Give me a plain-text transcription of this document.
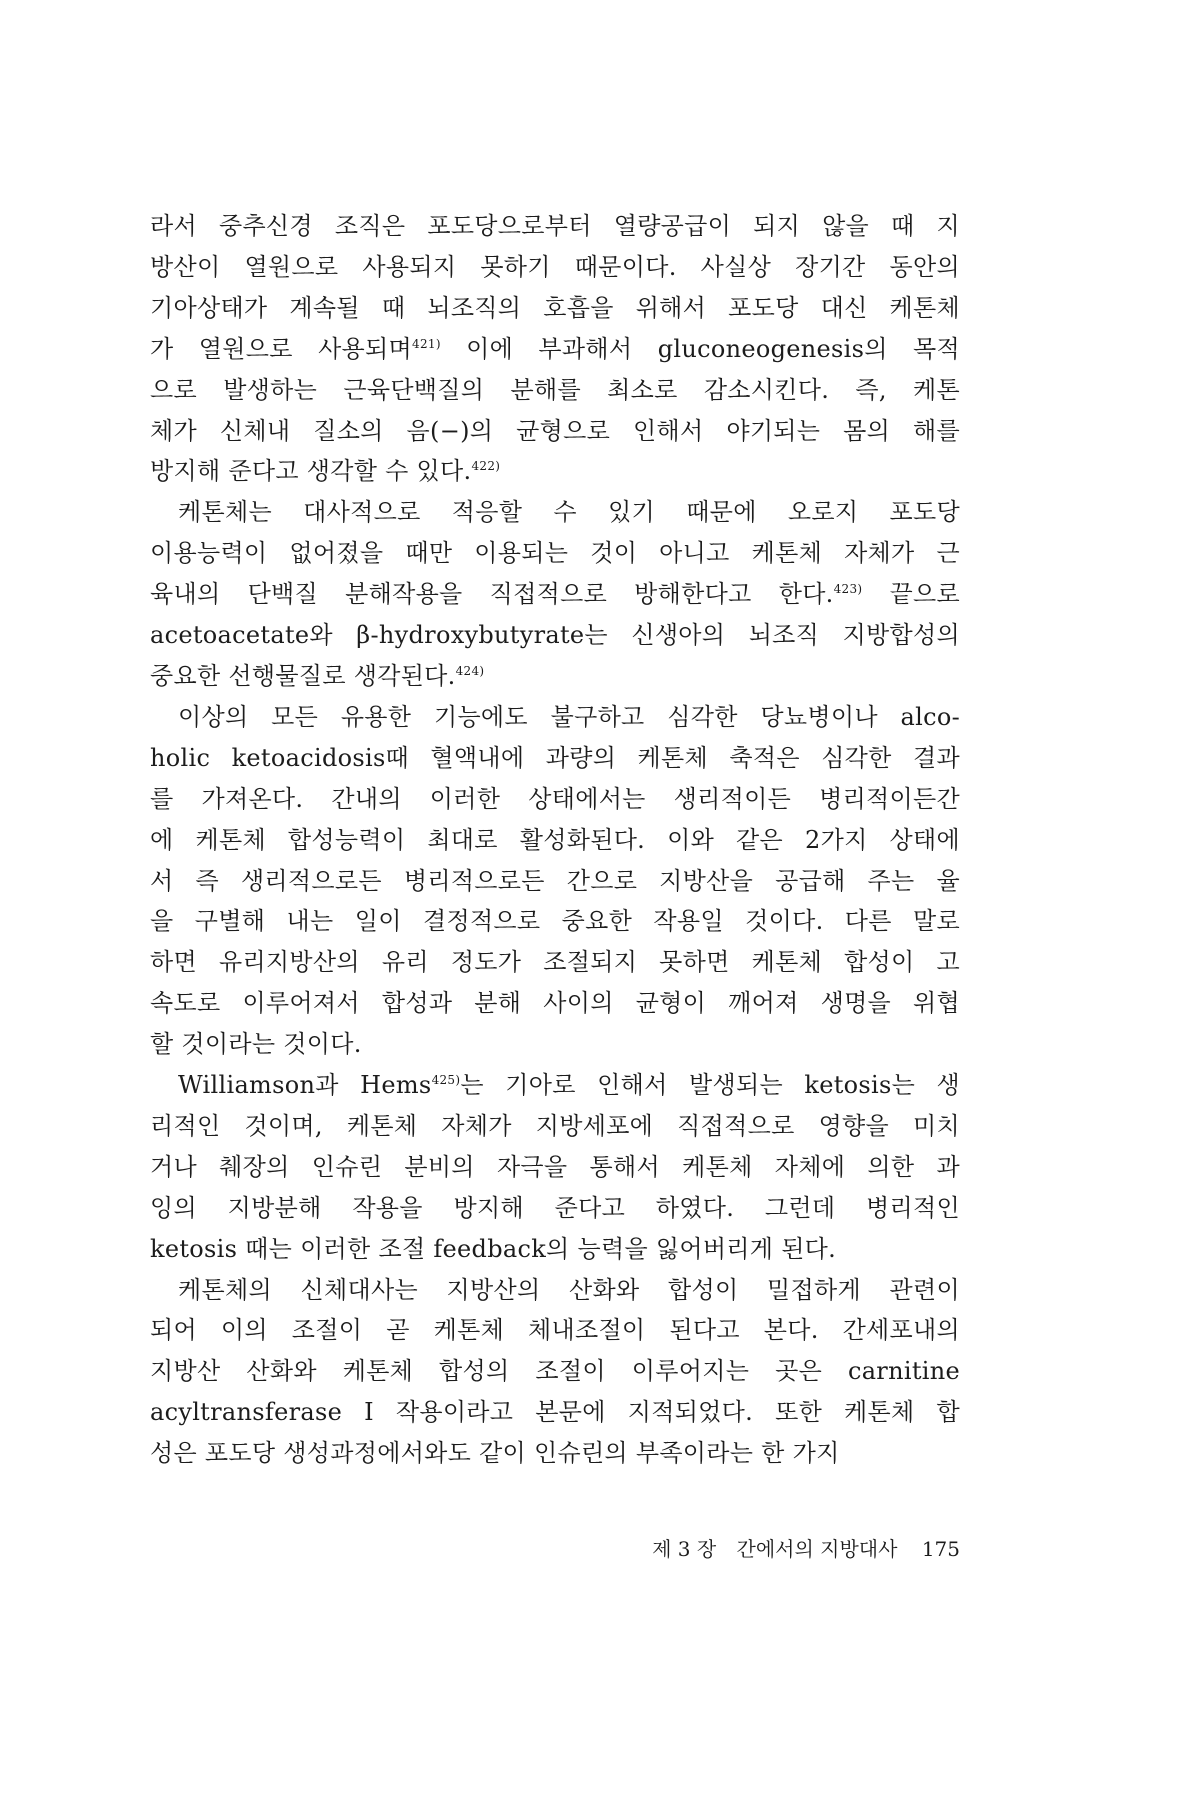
라서 중추신경 조직은 포도당으로부터 열량공급이 되지 않을 때 지
방산이 열원으로 사용되지 못하기 때문이다. 사실상 장기간 동안의
기아상태가 계속될 때 뇌조직의 호흡을 위해서 포도당 대신 케톤체
가 열원으로 사용되며$^{421)}$ 이에 부과해서 gluconeogenesis의 목적
으로 발생하는 근육단백질의 분해를 최소로 감소시킨다. 즉, 케톤
체가 신체내 질소의 음(−)의 균형으로 인해서 야기되는 몸의 해를
방지해 준다고 생각할 수 있다.$^{422)}$
케톤체는 대사적으로 적응할 수 있기 때문에 오로지 포도당
이용능력이 없어졌을 때만 이용되는 것이 아니고 케톤체 자체가 근
육내의 단백질 분해작용을 직접적으로 방해한다고 한다.$^{423)}$ 끝으로
acetoacetate와 β-hydroxybutyrate는 신생아의 뇌조직 지방합성의
중요한 선행물질로 생각된다.$^{424)}$
이상의 모든 유용한 기능에도 불구하고 심각한 당뇨병이나 alco-
holic ketoacidosis때 혈액내에 과량의 케톤체 축적은 심각한 결과
를 가져온다. 간내의 이러한 상태에서는 생리적이든 병리적이든간
에 케톤체 합성능력이 최대로 활성화된다. 이와 같은 2가지 상태에
서 즉 생리적으로든 병리적으로든 간으로 지방산을 공급해 주는 율
을 구별해 내는 일이 결정적으로 중요한 작용일 것이다. 다른 말로
하면 유리지방산의 유리 정도가 조절되지 못하면 케톤체 합성이 고
속도로 이루어져서 합성과 분해 사이의 균형이 깨어져 생명을 위협
할 것이라는 것이다.
Williamson과 Hems$^{425)}$는 기아로 인해서 발생되는 ketosis는 생
리적인 것이며, 케톤체 자체가 지방세포에 직접적으로 영향을 미치
거나 췌장의 인슈린 분비의 자극을 통해서 케톤체 자체에 의한 과
잉의 지방분해 작용을 방지해 준다고 하였다. 그런데 병리적인
ketosis 때는 이러한 조절 feedback의 능력을 잃어버리게 된다.
케톤체의 신체대사는 지방산의 산화와 합성이 밀접하게 관련이
되어 이의 조절이 곧 케톤체 체내조절이 된다고 본다. 간세포내의
지방산 산화와 케톤체 합성의 조절이 이루어지는 곳은 carnitine
acyltransferase I 작용이라고 본문에 지적되었다. 또한 케톤체 합
성은 포도당 생성과정에서와도 같이 인슈린의 부족이라는 한 가지
제 3 장 간에서의 지방대사 175
